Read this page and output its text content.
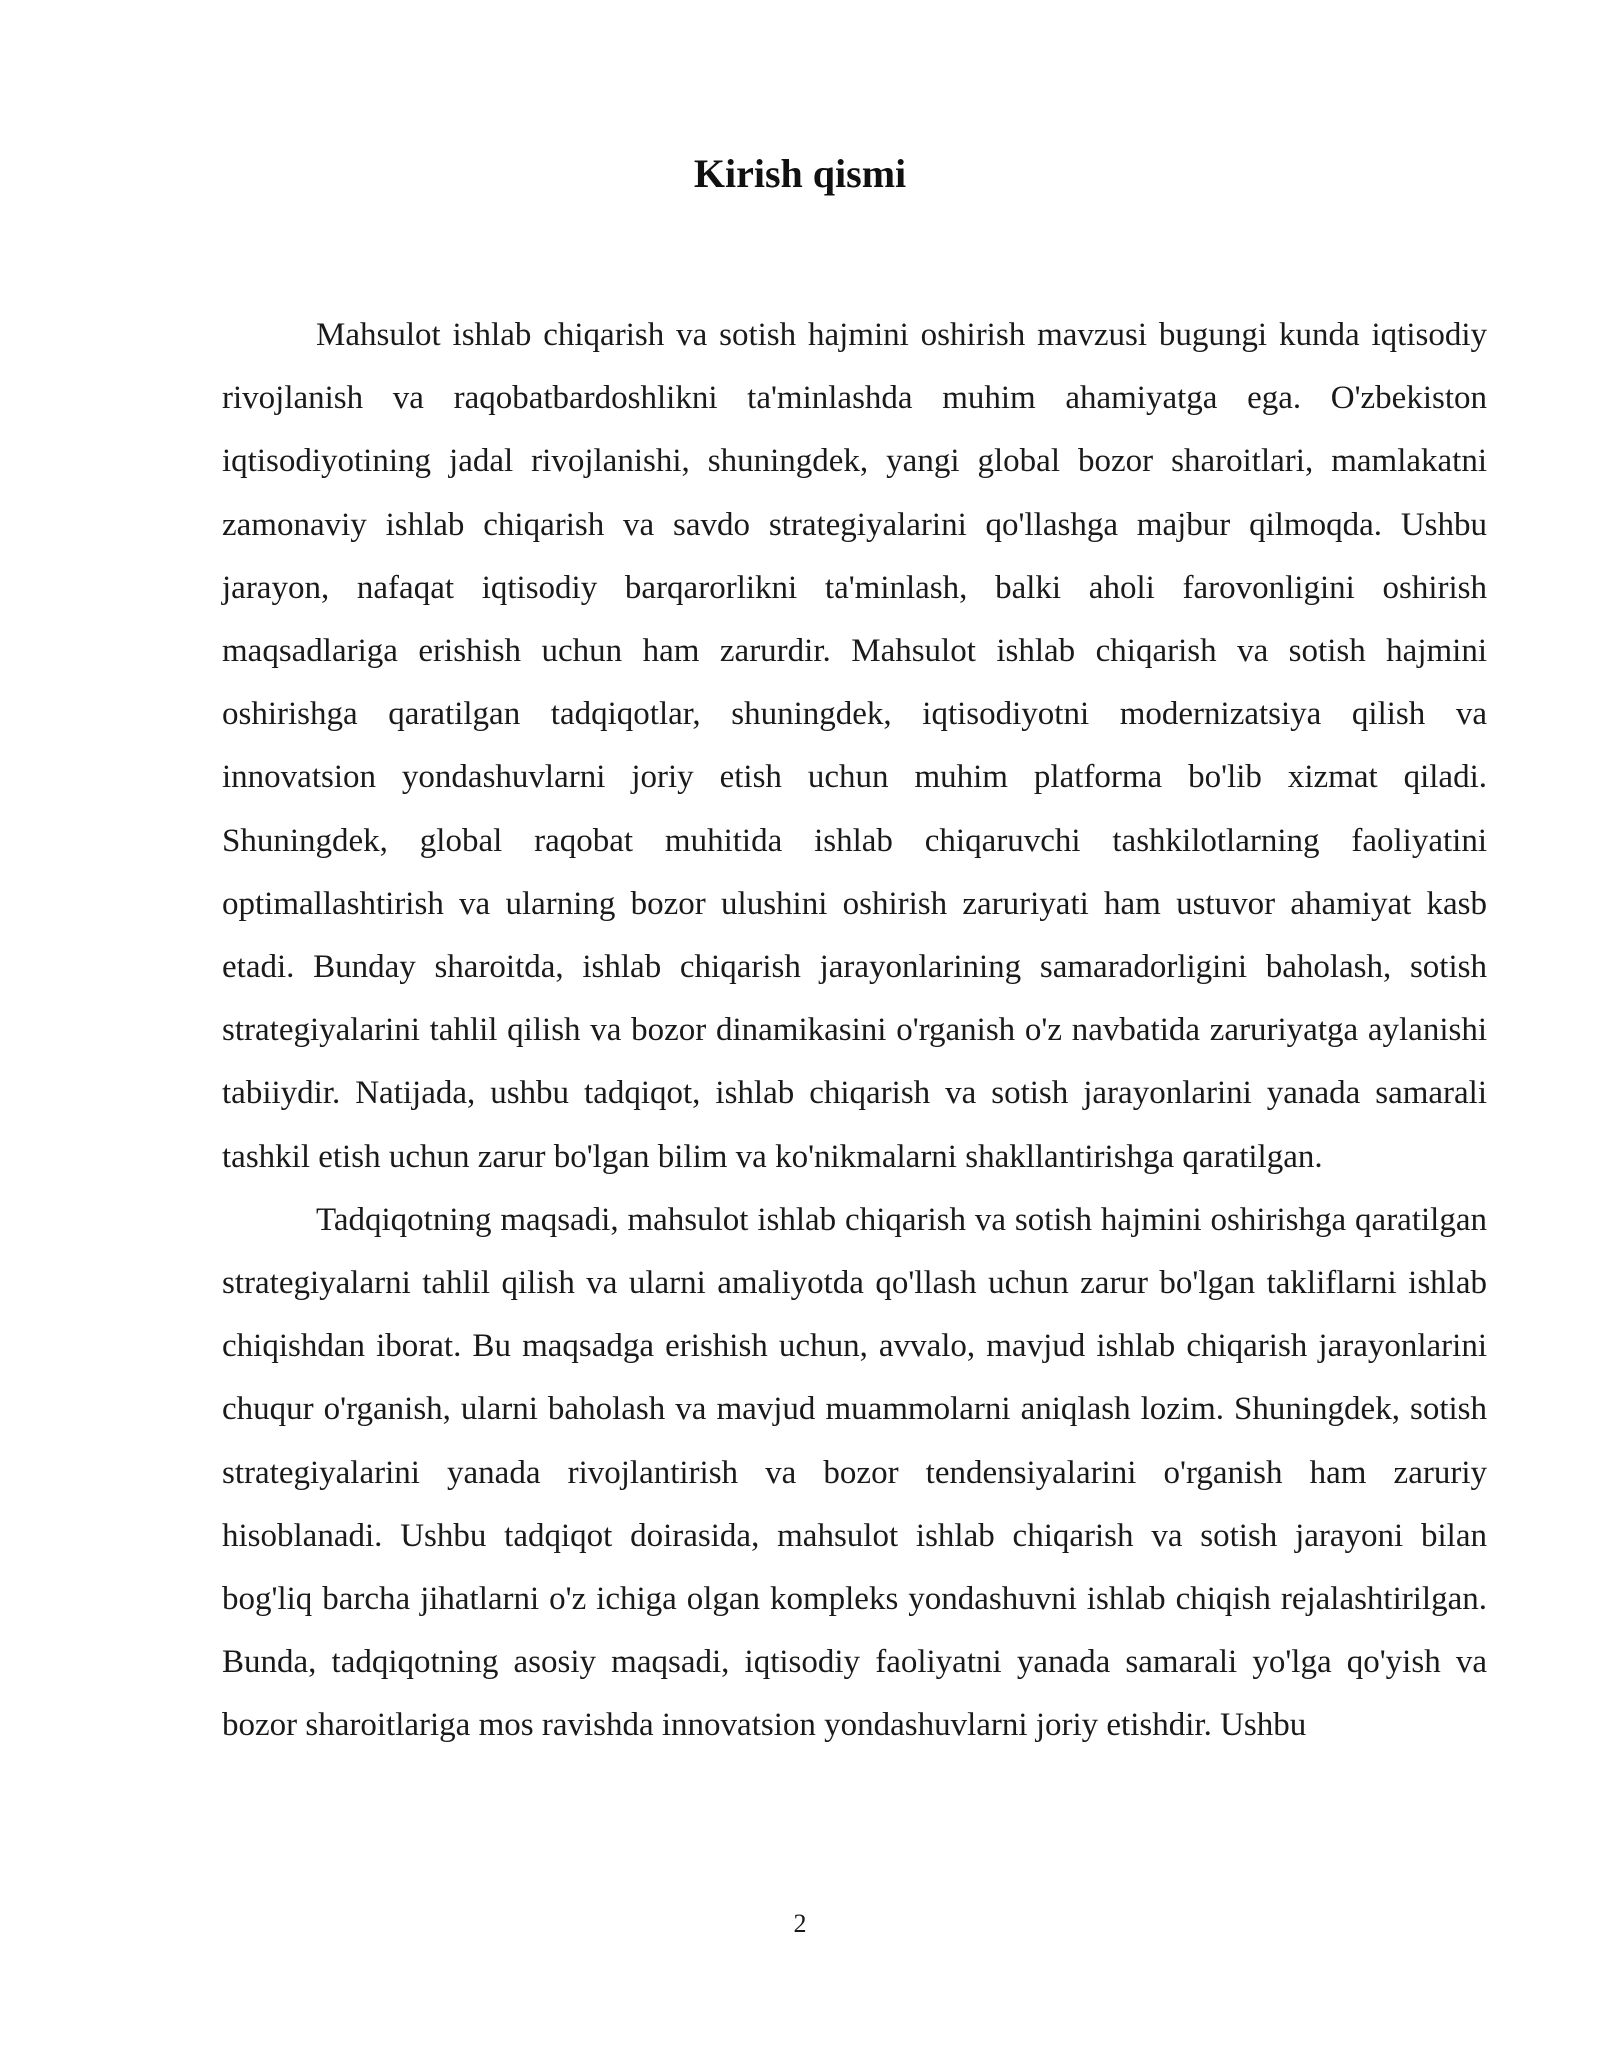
Kirish qismi

Mahsulot ishlab chiqarish va sotish hajmini oshirish mavzusi bugungi kunda iqtisodiy rivojlanish va raqobatbardoshlikni ta'minlashda muhim ahamiyatga ega. O'zbekiston iqtisodiyotining jadal rivojlanishi, shuningdek, yangi global bozor sharoitlari, mamlakatni zamonaviy ishlab chiqarish va savdo strategiyalarini qo'llashga majbur qilmoqda. Ushbu jarayon, nafaqat iqtisodiy barqarorlikni ta'minlash, balki aholi farovonligini oshirish maqsadlariga erishish uchun ham zarurdir. Mahsulot ishlab chiqarish va sotish hajmini oshirishga qaratilgan tadqiqotlar, shuningdek, iqtisodiyotni modernizatsiya qilish va innovatsion yondashuvlarni joriy etish uchun muhim platforma bo'lib xizmat qiladi. Shuningdek, global raqobat muhitida ishlab chiqaruvchi tashkilotlarning faoliyatini optimallashtirish va ularning bozor ulushini oshirish zaruriyati ham ustuvor ahamiyat kasb etadi. Bunday sharoitda, ishlab chiqarish jarayonlarining samaradorligini baholash, sotish strategiyalarini tahlil qilish va bozor dinamikasini o'rganish o'z navbatida zaruriyatga aylanishi tabiiydir. Natijada, ushbu tadqiqot, ishlab chiqarish va sotish jarayonlarini yanada samarali tashkil etish uchun zarur bo'lgan bilim va ko'nikmalarni shakllantirishga qaratilgan.

Tadqiqotning maqsadi, mahsulot ishlab chiqarish va sotish hajmini oshirishga qaratilgan strategiyalarni tahlil qilish va ularni amaliyotda qo'llash uchun zarur bo'lgan takliflarni ishlab chiqishdan iborat. Bu maqsadga erishish uchun, avvalo, mavjud ishlab chiqarish jarayonlarini chuqur o'rganish, ularni baholash va mavjud muammolarni aniqlash lozim. Shuningdek, sotish strategiyalarini yanada rivojlantirish va bozor tendensiyalarini o'rganish ham zaruriy hisoblanadi. Ushbu tadqiqot doirasida, mahsulot ishlab chiqarish va sotish jarayoni bilan bog'liq barcha jihatlarni o'z ichiga olgan kompleks yondashuvni ishlab chiqish rejalashtirilgan. Bunda, tadqiqotning asosiy maqsadi, iqtisodiy faoliyatni yanada samarali yo'lga qo'yish va bozor sharoitlariga mos ravishda innovatsion yondashuvlarni joriy etishdir. Ushbu

2
